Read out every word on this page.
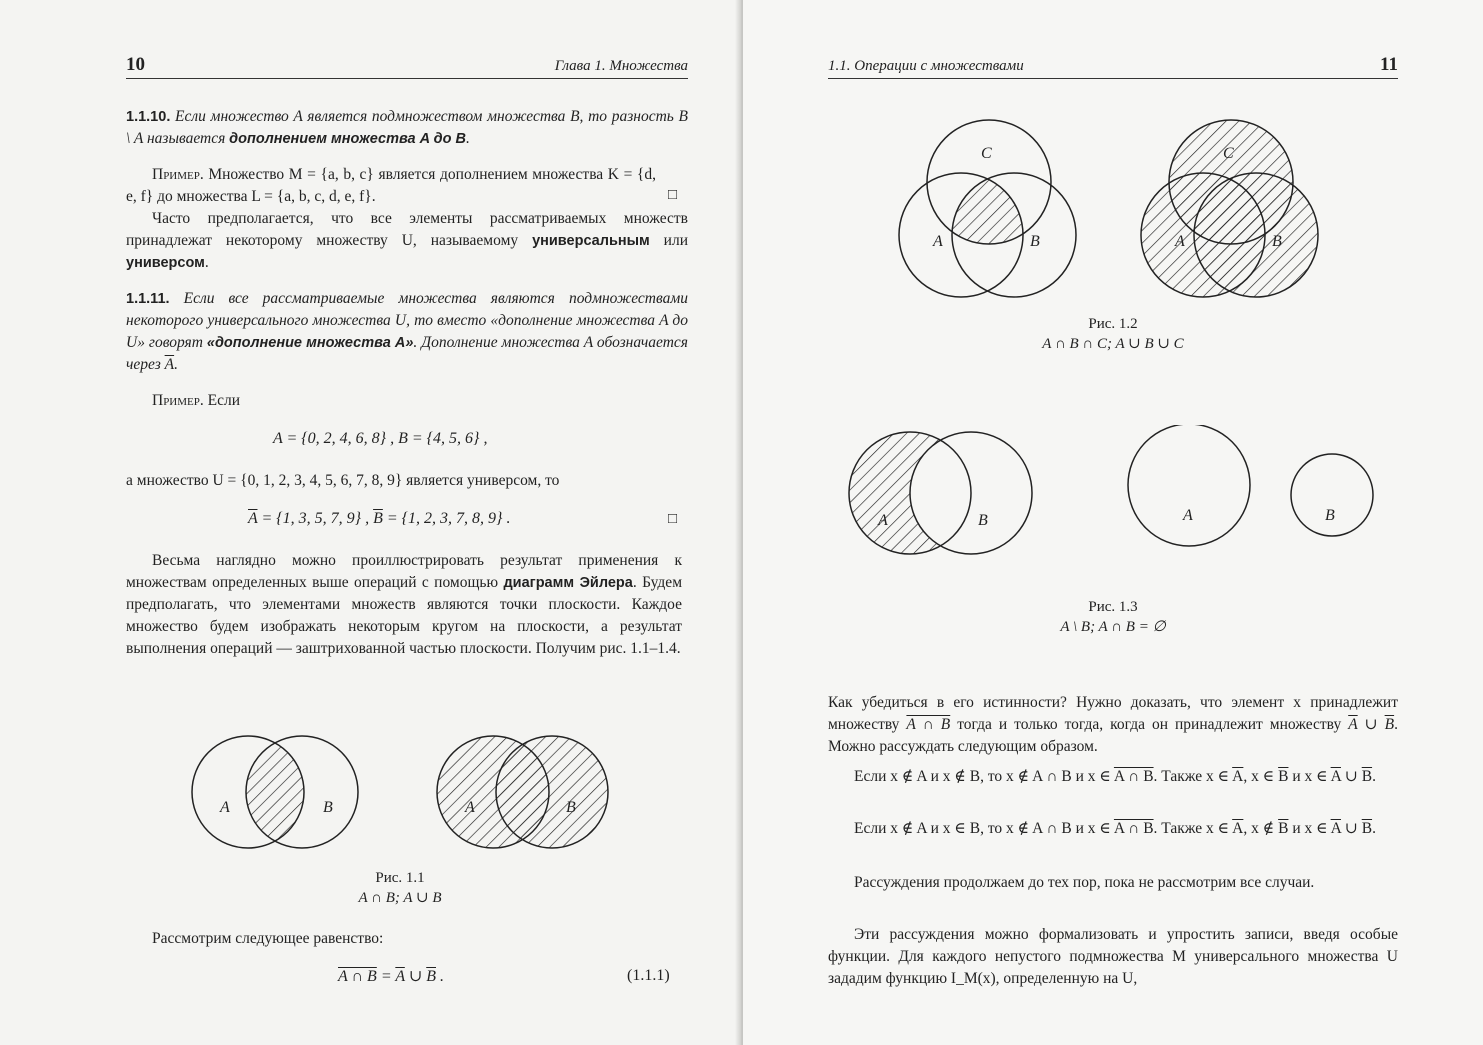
10	Глава 1. Множества
1.1.10. Если множество A является подмножеством множества B, то разность B \ A называется дополнением множества A до B.
Пример. Множество M = {a, b, c} является дополнением множества K = {d, e, f} до множества L = {a, b, c, d, e, f}.	□
Часто предполагается, что все элементы рассматриваемых множеств принадлежат некоторому множеству U, называемому универсальным или универсом.
1.1.11. Если все рассматриваемые множества являются подмножествами некоторого универсального множества U, то вместо «дополнение множества A до U» говорят «дополнение множества A». Дополнение множества A обозначается через $\overline{A}$.
Пример. Если
A = {0, 2, 4, 6, 8} , B = {4, 5, 6} ,
а множество U = {0, 1, 2, 3, 4, 5, 6, 7, 8, 9} является универсом, то
$\overline{A} = \{1$, 3, 5, 7, 9} , $\overline{B} = \{1$, 2, 3, 7, 8, 9} .	□
Весьма наглядно можно проиллюстрировать результат применения к множествам определенных выше операций с помощью диаграмм Эйлера. Будем предполагать, что элементами множеств являются точки плоскости. Каждое множество будем изображать некоторым кругом на плоскости, а результат выполнения операций — заштрихованной частью плоскости. Получим рис. 1.1–1.4.
A	B	A	B
Рис. 1.1
A ∩ B; A ∪ B
Рассмотрим следующее равенство:
A ∩ $B = \overline{A}$ ∪ $\overline{B}$ .	(1.1.1)
1.1. Операции с множествами	11
C
A	B
C
A	B
Рис. 1.2
A ∩ B ∩ C; A ∪ B ∪ C
A	B	A	B
Рис. 1.3
A \ B; A ∩ B = ∅
Как убедиться в его истинности? Нужно доказать, что элемент x принадлежит множеству A ∩ B тогда и только тогда, когда он принадлежит множеству $\overline{A}$ ∪ $\overline{B}$. Можно рассуждать следующим образом.
Если x ∉ A и x ∉ B, то x ∉ A ∩ B и x ∈ A ∩ B. Также x ∈ $\overline{A}$, x ∈ $\overline{B}$ и x ∈ $\overline{A}$ ∪ $\overline{B}$.
Если x ∉ A и x ∈ B, то x ∉ A ∩ B и x ∈ A ∩ B. Также x ∈ $\overline{A}$, x ∉ $\overline{B}$ и x ∈ $\overline{A}$ ∪ $\overline{B}$.
Рассуждения продолжаем до тех пор, пока не рассмотрим все случаи.
Эти рассуждения можно формализовать и упростить записи, введя особые функции. Для каждого непустого подмножества M универсального множества U зададим функцию I_M(x), определенную на U,
